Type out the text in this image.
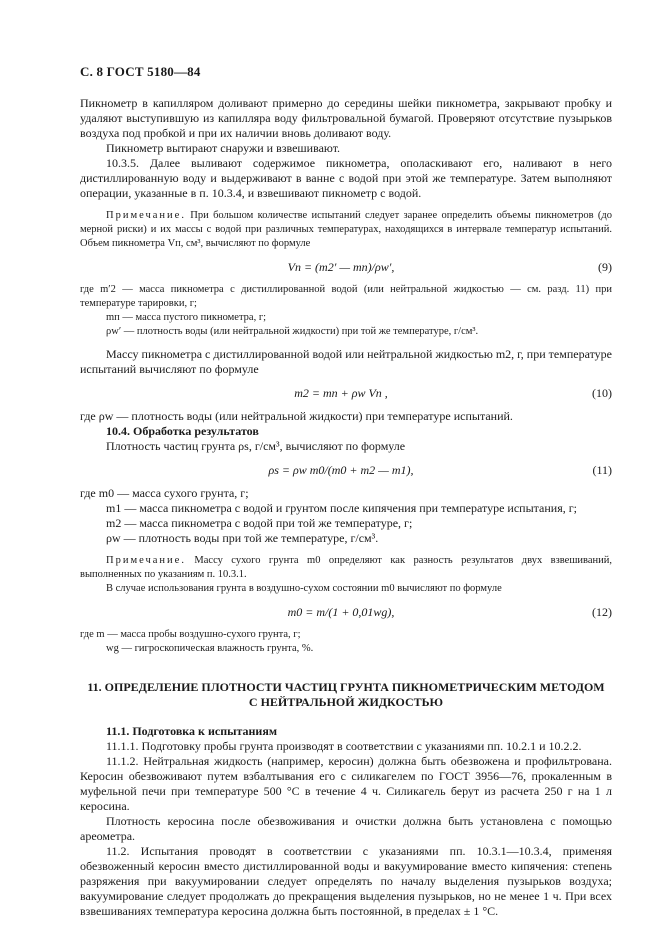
С. 8 ГОСТ 5180—84

Пикнометр в капилляром доливают примерно до середины шейки пикнометра, закрывают пробку и удаляют выступившую из капилляра воду фильтровальной бумагой. Проверяют отсутствие пузырьков воздуха под пробкой и при их наличии вновь доливают воду.

Пикнометр вытирают снаружи и взвешивают.

10.3.5. Далее выливают содержимое пикнометра, ополаскивают его, наливают в него дистиллированную воду и выдерживают в ванне с водой при этой же температуре. Затем выполняют операции, указанные в п. 10.3.4, и взвешивают пикнометр с водой.

Примечание. При большом количестве испытаний следует заранее определить объемы пикнометров (до мерной риски) и их массы с водой при различных температурах, находящихся в интервале температур испытаний. Объем пикнометра Vп, см³, вычисляют по формуле

Vп = (m2′ — mп)/ρw′,	(9)

где m′2 — масса пикнометра с дистиллированной водой (или нейтральной жидкостью — см. разд. 11) при температуре тарировки, г;

mп — масса пустого пикнометра, г;

ρw′ — плотность воды (или нейтральной жидкости) при той же температуре, г/см³.

Массу пикнометра с дистиллированной водой или нейтральной жидкостью m2, г, при температуре испытаний вычисляют по формуле

m2 = mп + ρw Vп ,	(10)

где ρw — плотность воды (или нейтральной жидкости) при температуре испытаний.

10.4. Обработка результатов

Плотность частиц грунта ρs, г/см³, вычисляют по формуле

ρs = ρw m0/(m0 + m2 — m1),	(11)

где m0 — масса сухого грунта, г;

m1 — масса пикнометра с водой и грунтом после кипячения при температуре испытания, г;

m2 — масса пикнометра с водой при той же температуре, г;

ρw — плотность воды при той же температуре, г/см³.

Примечание. Массу сухого грунта m0 определяют как разность результатов двух взвешиваний, выполненных по указаниям п. 10.3.1.

В случае использования грунта в воздушно-сухом состоянии m0 вычисляют по формуле

m0 = m/(1 + 0,01wg),	(12)

где m — масса пробы воздушно-сухого грунта, г;

wg — гигроскопическая влажность грунта, %.

11. ОПРЕДЕЛЕНИЕ ПЛОТНОСТИ ЧАСТИЦ ГРУНТА ПИКНОМЕТРИЧЕСКИМ МЕТОДОМ
С НЕЙТРАЛЬНОЙ ЖИДКОСТЬЮ

11.1. Подготовка к испытаниям

11.1.1. Подготовку пробы грунта производят в соответствии с указаниями пп. 10.2.1 и 10.2.2.

11.1.2. Нейтральная жидкость (например, керосин) должна быть обезвожена и профильтрована. Керосин обезвоживают путем взбалтывания его с силикагелем по ГОСТ 3956—76, прокаленным в муфельной печи при температуре 500 °С в течение 4 ч. Силикагель берут из расчета 250 г на 1 л керосина.

Плотность керосина после обезвоживания и очистки должна быть установлена с помощью ареометра.

11.2. Испытания проводят в соответствии с указаниями пп. 10.3.1—10.3.4, применяя обезвоженный керосин вместо дистиллированной воды и вакуумирование вместо кипячения: степень разряжения при вакуумировании следует определять по началу выделения пузырьков воздуха; вакуумирование следует продолжать до прекращения выделения пузырьков, но не менее 1 ч. При всех взвешиваниях температура керосина должна быть постоянной, в пределах ± 1 °С.
